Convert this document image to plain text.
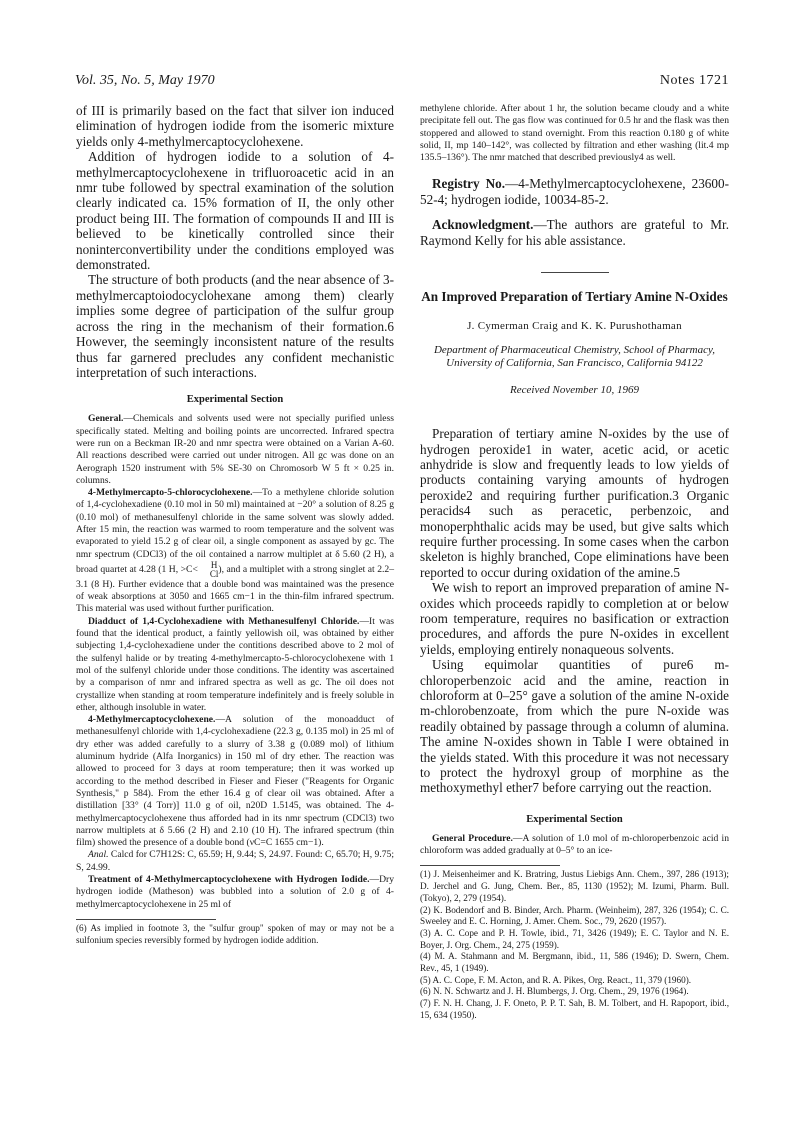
Vol. 35, No. 5, May 1970	Notes 1721

of III is primarily based on the fact that silver ion induced elimination of hydrogen iodide from the isomeric mixture yields only 4-methylmercaptocyclohexene.

Addition of hydrogen iodide to a solution of 4-methylmercaptocyclohexene in trifluoroacetic acid in an nmr tube followed by spectral examination of the solution clearly indicated ca. 15% formation of II, the only other product being III. The formation of compounds II and III is believed to be kinetically controlled since their noninterconvertibility under the conditions employed was demonstrated.

The structure of both products (and the near absence of 3-methylmercaptoiodocyclohexane among them) clearly implies some degree of participation of the sulfur group across the ring in the mechanism of their formation.6 However, the seemingly inconsistent nature of the results thus far garnered precludes any confident mechanistic interpretation of such interactions.

Experimental Section

General.—Chemicals and solvents used were not specially purified unless specifically stated. Melting and boiling points are uncorrected. Infrared spectra were run on a Beckman IR-20 and nmr spectra were obtained on a Varian A-60. All reactions described were carried out under nitrogen. All gc was done on an Aerograph 1520 instrument with 5% SE-30 on Chromosorb W 5 ft × 0.25 in. columns.

4-Methylmercapto-5-chlorocyclohexene.—To a methylene chloride solution of 1,4-cyclohexadiene (0.10 mol in 50 ml) maintained at −20° a solution of 8.25 g (0.10 mol) of methanesulfenyl chloride in the same solvent was slowly added. After 15 min, the reaction was warmed to room temperature and the solvent was evaporated to yield 15.2 g of clear oil, a single component as assayed by gc. The nmr spectrum (CDCl3) of the oil contained a narrow multiplet at δ 5.60 (2 H), a broad quartet at 4.28 (1 H, >C<	H
Cl ), and a multiplet with a strong singlet at 2.2–3.1 (8 H). Further evidence that a double bond was maintained was the presence of weak absorptions at 3050 and 1665 cm−1 in the thin-film infrared spectrum. This material was used without further purification.

Diadduct of 1,4-Cyclohexadiene with Methanesulfenyl Chloride.—It was found that the identical product, a faintly yellowish oil, was obtained by either subjecting 1,4-cyclohexadiene under the contitions described above to 2 mol of the sulfenyl halide or by treating 4-methylmercapto-5-chlorocyclohexene with 1 mol of the sulfenyl chloride under those conditions. The identity was ascertained by a comparison of nmr and infrared spectra as well as gc. The oil does not crystallize when standing at room temperature indefinitely and is freely soluble in ether, although insoluble in water.

4-Methylmercaptocyclohexene.—A solution of the monoadduct of methanesulfenyl chloride with 1,4-cyclohexadiene (22.3 g, 0.135 mol) in 25 ml of dry ether was added carefully to a slurry of 3.38 g (0.089 mol) of lithium aluminum hydride (Alfa Inorganics) in 150 ml of dry ether. The reaction was allowed to proceed for 3 days at room temperature; then it was worked up according to the method described in Fieser and Fieser ("Reagents for Organic Synthesis," p 584). From the ether 16.4 g of clear oil was obtained. After a distillation [33° (4 Torr)] 11.0 g of oil, n20D 1.5145, was obtained. The 4-methylmercaptocyclohexene thus afforded had in its nmr spectrum (CDCl3) two narrow multiplets at δ 5.66 (2 H) and 2.10 (10 H). The infrared spectrum (thin film) showed the presence of a double bond (νC=C 1655 cm−1).

Anal. Calcd for C7H12S: C, 65.59; H, 9.44; S, 24.97. Found: C, 65.70; H, 9.75; S, 24.99.

Treatment of 4-Methylmercaptocyclohexene with Hydrogen Iodide.—Dry hydrogen iodide (Matheson) was bubbled into a solution of 2.0 g of 4-methylmercaptocyclohexene in 25 ml of

(6) As implied in footnote 3, the "sulfur group" spoken of may or may not be a sulfonium species reversibly formed by hydrogen iodide addition.

methylene chloride. After about 1 hr, the solution became cloudy and a white precipitate fell out. The gas flow was continued for 0.5 hr and the flask was then stoppered and allowed to stand overnight. From this reaction 0.180 g of white solid, II, mp 140–142°, was collected by filtration and ether washing (lit.4 mp 135.5–136°). The nmr matched that described previously4 as well.

Registry No.—4-Methylmercaptocyclohexene, 23600-52-4; hydrogen iodide, 10034-85-2.

Acknowledgment.—The authors are grateful to Mr. Raymond Kelly for his able assistance.

An Improved Preparation of Tertiary Amine N-Oxides
J. Cymerman Craig and K. K. Purushothaman
Department of Pharmaceutical Chemistry, School of Pharmacy, University of California, San Francisco, California 94122
Received November 10, 1969

Preparation of tertiary amine N-oxides by the use of hydrogen peroxide1 in water, acetic acid, or acetic anhydride is slow and frequently leads to low yields of products containing varying amounts of hydrogen peroxide2 and requiring further purification.3 Organic peracids4 such as peracetic, perbenzoic, and monoperphthalic acids may be used, but give salts which require further processing. In some cases when the carbon skeleton is highly branched, Cope eliminations have been reported to occur during oxidation of the amine.5

We wish to report an improved preparation of amine N-oxides which proceeds rapidly to completion at or below room temperature, requires no basification or extraction procedures, and affords the pure N-oxides in excellent yields, employing entirely nonaqueous solvents.

Using equimolar quantities of pure6 m-chloroperbenzoic acid and the amine, reaction in chloroform at 0–25° gave a solution of the amine N-oxide m-chlorobenzoate, from which the pure N-oxide was readily obtained by passage through a column of alumina. The amine N-oxides shown in Table I were obtained in the yields stated. With this procedure it was not necessary to protect the hydroxyl group of morphine as the methoxymethyl ether7 before carrying out the reaction.

Experimental Section

General Procedure.—A solution of 1.0 mol of m-chloroperbenzoic acid in chloroform was added gradually at 0–5° to an ice-

(1) J. Meisenheimer and K. Bratring, Justus Liebigs Ann. Chem., 397, 286 (1913); D. Jerchel and G. Jung, Chem. Ber., 85, 1130 (1952); M. Izumi, Pharm. Bull. (Tokyo), 2, 279 (1954).

(2) K. Bodendorf and B. Binder, Arch. Pharm. (Weinheim), 287, 326 (1954); C. C. Sweeley and E. C. Horning, J. Amer. Chem. Soc., 79, 2620 (1957).

(3) A. C. Cope and P. H. Towle, ibid., 71, 3426 (1949); E. C. Taylor and N. E. Boyer, J. Org. Chem., 24, 275 (1959).

(4) M. A. Stahmann and M. Bergmann, ibid., 11, 586 (1946); D. Swern, Chem. Rev., 45, 1 (1949).

(5) A. C. Cope, F. M. Acton, and R. A. Pikes, Org. React., 11, 379 (1960).

(6) N. N. Schwartz and J. H. Blumbergs, J. Org. Chem., 29, 1976 (1964).

(7) F. N. H. Chang, J. F. Oneto, P. P. T. Sah, B. M. Tolbert, and H. Rapoport, ibid., 15, 634 (1950).
